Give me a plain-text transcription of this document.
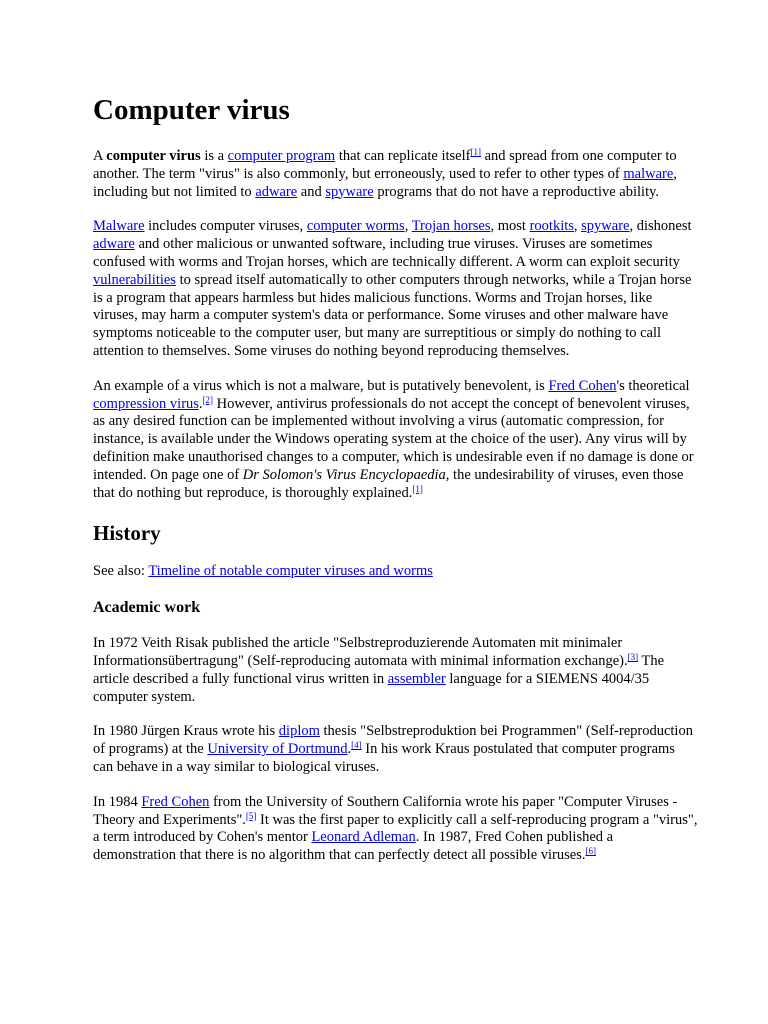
Computer virus

A computer virus is a computer program that can replicate itself[1] and spread from one computer to another. The term "virus" is also commonly, but erroneously, used to refer to other types of malware, including but not limited to adware and spyware programs that do not have a reproductive ability.

Malware includes computer viruses, computer worms, Trojan horses, most rootkits, spyware, dishonest adware and other malicious or unwanted software, including true viruses. Viruses are sometimes confused with worms and Trojan horses, which are technically different. A worm can exploit security vulnerabilities to spread itself automatically to other computers through networks, while a Trojan horse is a program that appears harmless but hides malicious functions. Worms and Trojan horses, like viruses, may harm a computer system's data or performance. Some viruses and other malware have symptoms noticeable to the computer user, but many are surreptitious or simply do nothing to call attention to themselves. Some viruses do nothing beyond reproducing themselves.

An example of a virus which is not a malware, but is putatively benevolent, is Fred Cohen's theoretical compression virus.[2] However, antivirus professionals do not accept the concept of benevolent viruses, as any desired function can be implemented without involving a virus (automatic compression, for instance, is available under the Windows operating system at the choice of the user). Any virus will by definition make unauthorised changes to a computer, which is undesirable even if no damage is done or intended. On page one of Dr Solomon's Virus Encyclopaedia, the undesirability of viruses, even those that do nothing but reproduce, is thoroughly explained.[1]

History

See also: Timeline of notable computer viruses and worms

Academic work

In 1972 Veith Risak published the article "Selbstreproduzierende Automaten mit minimaler Informationsübertragung" (Self-reproducing automata with minimal information exchange).[3] The article described a fully functional virus written in assembler language for a SIEMENS 4004/35 computer system.

In 1980 Jürgen Kraus wrote his diplom thesis "Selbstreproduktion bei Programmen" (Self-reproduction of programs) at the University of Dortmund.[4] In his work Kraus postulated that computer programs can behave in a way similar to biological viruses.

In 1984 Fred Cohen from the University of Southern California wrote his paper "Computer Viruses - Theory and Experiments".[5] It was the first paper to explicitly call a self-reproducing program a "virus", a term introduced by Cohen's mentor Leonard Adleman. In 1987, Fred Cohen published a demonstration that there is no algorithm that can perfectly detect all possible viruses.[6]
